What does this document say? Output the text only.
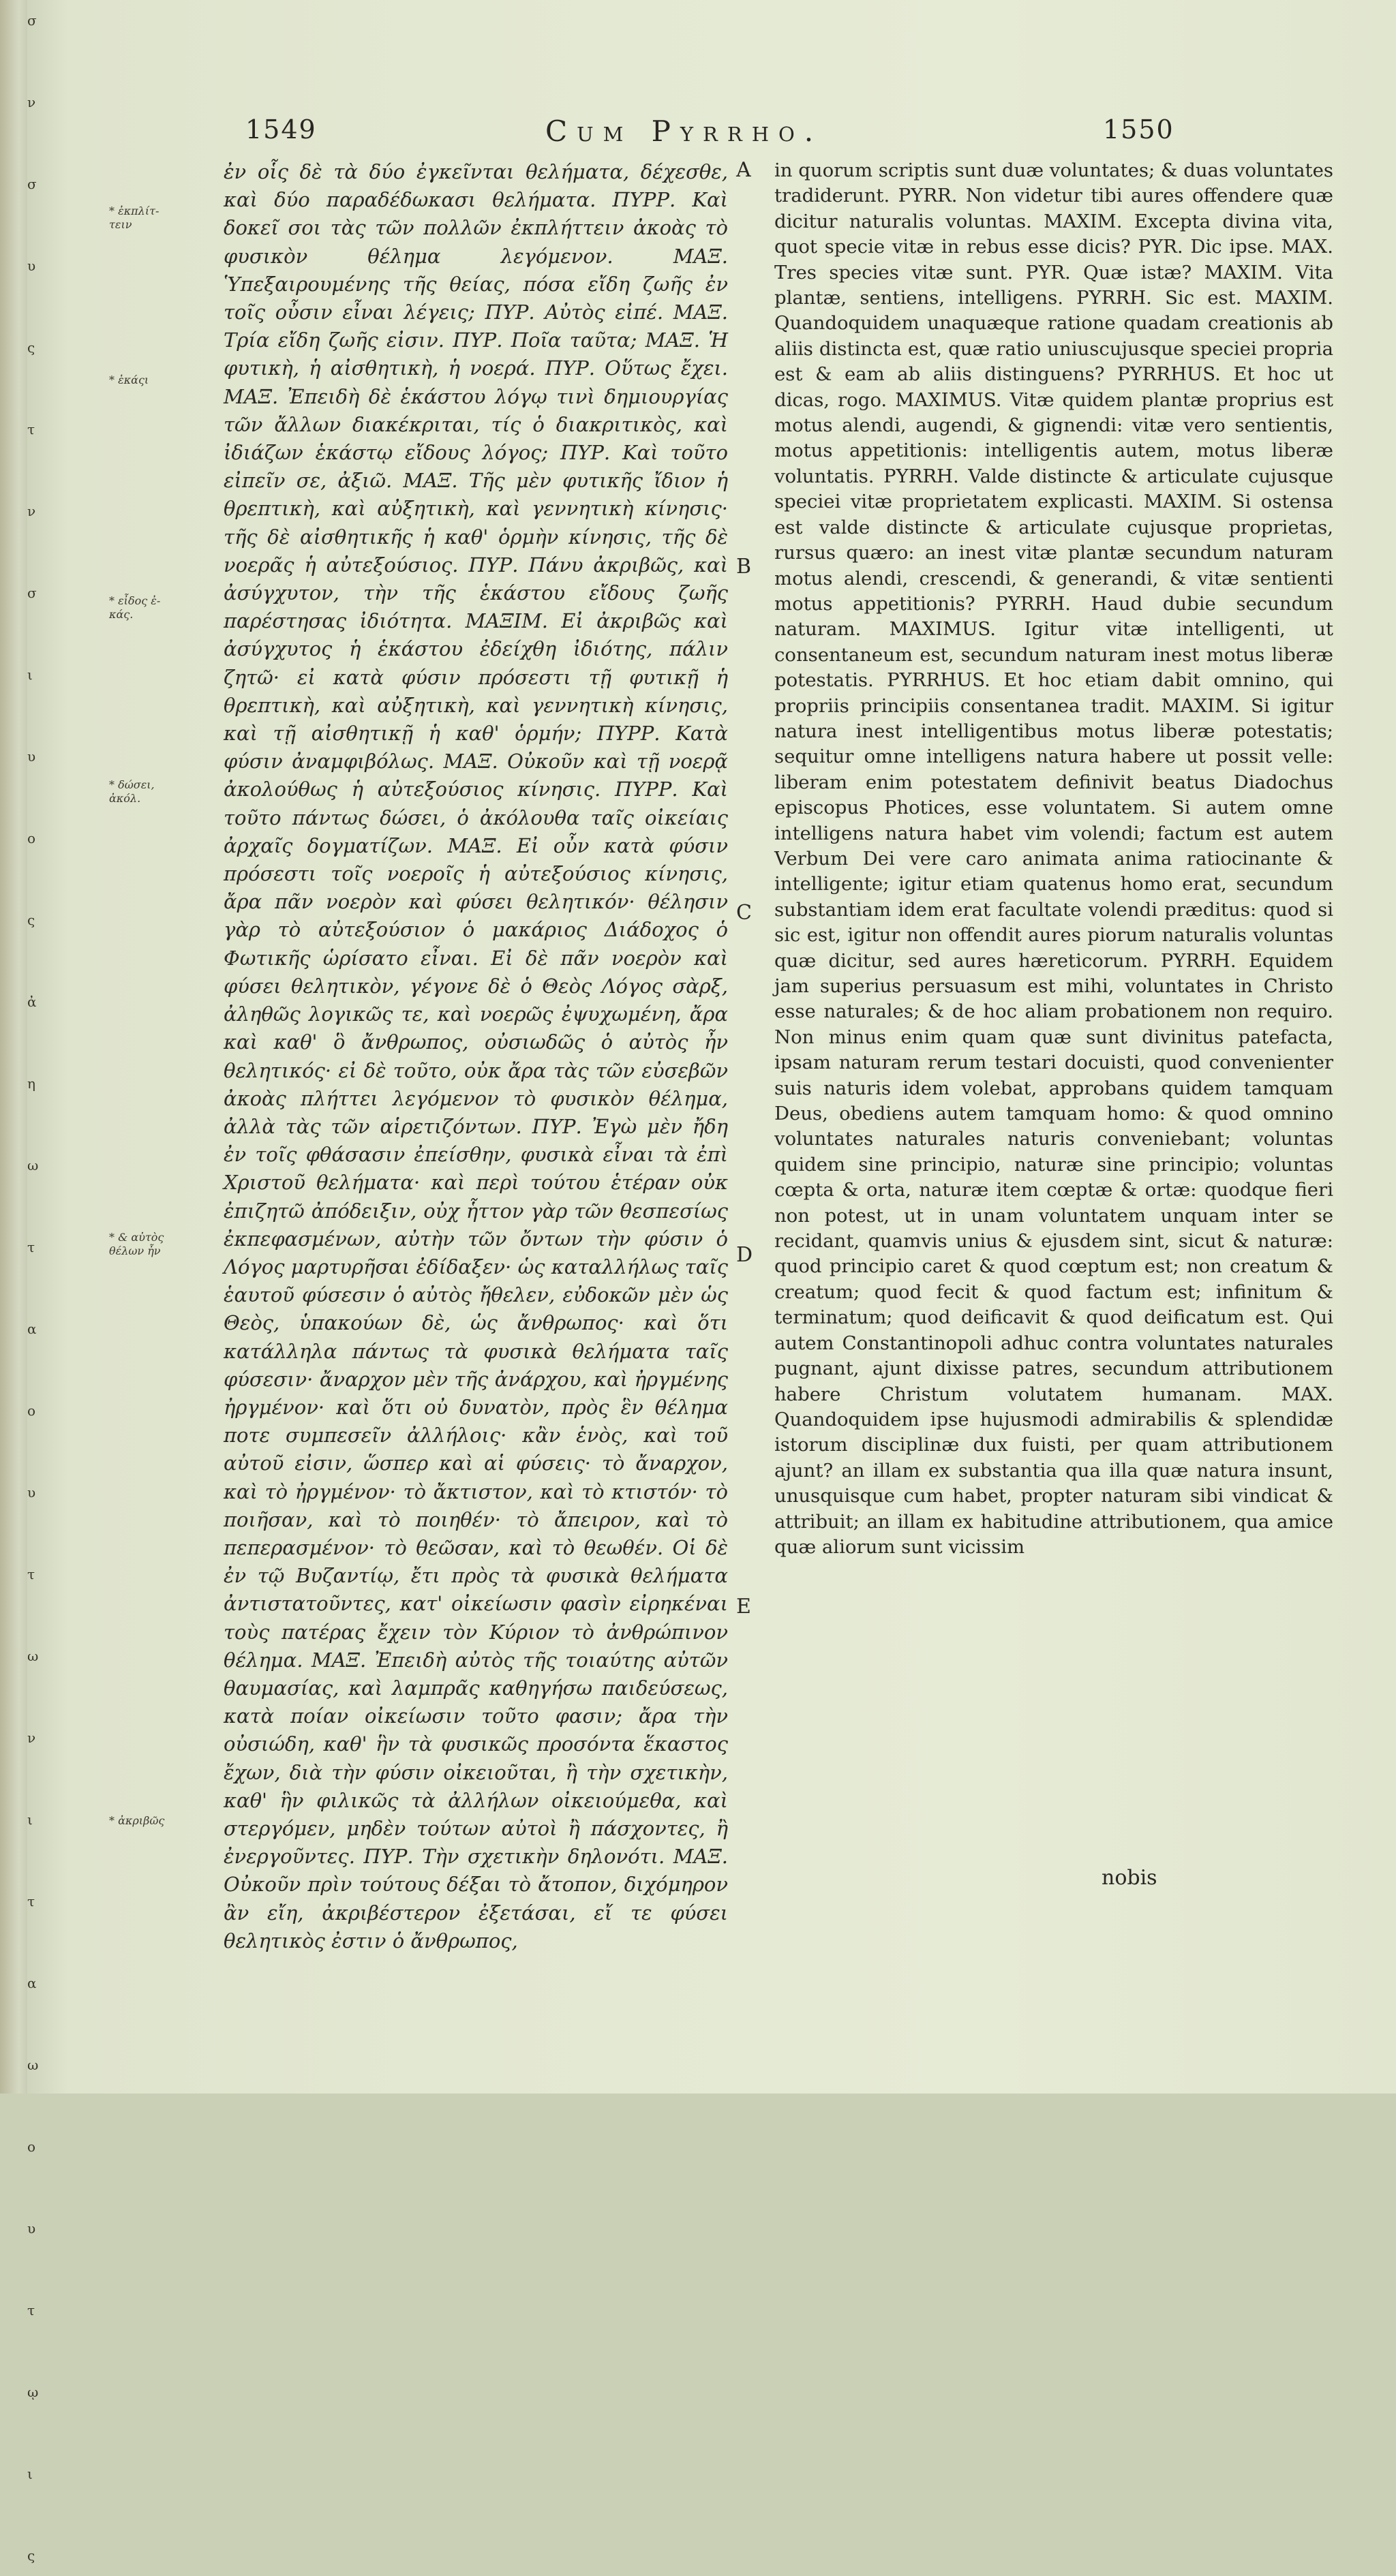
σ

ν

σ

υ

ς

τ

ν

σ

ι

υ

ο

ς

ἀ

η

ω

τ

α

ο

υ

τ

ω

ν

ι

τ

α

ω

ο

υ

τ

ῳ

ι

ς
1549	Cum Pyrrho.	1550
* ἐκπλίτ-
τειν
* ἑκάςι
* εἶδος ἐ-
κάς.
* δώσει,
ἀκόλ.
* & αὐτὸς
θέλων ἦν
* ἀκριβῶς

ἐν οἷς δὲ τὰ δύο ἐγκεῖνται θελήματα, δέχεσθε, καὶ δύο παραδέδωκασι θελήματα. ΠΥΡΡ. Καὶ δοκεῖ σοι τὰς τῶν πολλῶν ἐκπλήττειν ἀκοὰς τὸ φυσικὸν θέλημα λεγόμενον. ΜΑΞ. Ὑπεξαιρουμένης τῆς θείας, πόσα εἴδη ζωῆς ἐν τοῖς οὖσιν εἶναι λέγεις; ΠΥΡ. Αὐτὸς εἰπέ. ΜΑΞ. Τρία εἴδη ζωῆς εἰσιν. ΠΥΡ. Ποῖα ταῦτα; ΜΑΞ. Ἡ φυτικὴ, ἡ αἰσθητικὴ, ἡ νοερά. ΠΥΡ. Οὕτως ἔχει. ΜΑΞ. Ἐπειδὴ δὲ ἑκάστου λόγῳ τινὶ δημιουργίας τῶν ἄλλων διακέκριται, τίς ὁ διακριτικὸς, καὶ ἰδιάζων ἑκάστῳ εἴδους λόγος; ΠΥΡ. Καὶ τοῦτο εἰπεῖν σε, ἀξιῶ. ΜΑΞ. Τῆς μὲν φυτικῆς ἴδιον ἡ θρεπτικὴ, καὶ αὐξητικὴ, καὶ γεννητικὴ κίνησις· τῆς δὲ αἰσθητικῆς ἡ καθ' ὁρμὴν κίνησις, τῆς δὲ νοερᾶς ἡ αὐτεξούσιος. ΠΥΡ. Πάνυ ἀκριβῶς, καὶ ἀσύγχυτον, τὴν τῆς ἑκάστου εἴδους ζωῆς παρέστησας ἰδιότητα. ΜΑΞΙΜ. Εἰ ἀκριβῶς καὶ ἀσύγχυτος ἡ ἑκάστου ἐδείχθη ἰδιότης, πάλιν ζητῶ· εἰ κατὰ φύσιν πρόσεστι τῇ φυτικῇ ἡ θρεπτικὴ, καὶ αὐξητικὴ, καὶ γεννητικὴ κίνησις, καὶ τῇ αἰσθητικῇ ἡ καθ' ὁρμήν; ΠΥΡΡ. Κατὰ φύσιν ἀναμφιβόλως. ΜΑΞ. Οὐκοῦν καὶ τῇ νοερᾷ ἀκολούθως ἡ αὐτεξούσιος κίνησις. ΠΥΡΡ. Καὶ τοῦτο πάντως δώσει, ὁ ἀκόλουθα ταῖς οἰκείαις ἀρχαῖς δογματίζων. ΜΑΞ. Εἰ οὖν κατὰ φύσιν πρόσεστι τοῖς νοεροῖς ἡ αὐτεξούσιος κίνησις, ἄρα πᾶν νοερὸν καὶ φύσει θελητικόν· θέλησιν γὰρ τὸ αὐτεξούσιον ὁ μακάριος Διάδοχος ὁ Φωτικῆς ὡρίσατο εἶναι. Εἰ δὲ πᾶν νοερὸν καὶ φύσει θελητικὸν, γέγονε δὲ ὁ Θεὸς Λόγος σὰρξ, ἀληθῶς λογικῶς τε, καὶ νοερῶς ἐψυχωμένη, ἄρα καὶ καθ' ὃ ἄνθρωπος, οὐσιωδῶς ὁ αὐτὸς ἦν θελητικός· εἰ δὲ τοῦτο, οὐκ ἄρα τὰς τῶν εὐσεβῶν ἀκοὰς πλήττει λεγόμενον τὸ φυσικὸν θέλημα, ἀλλὰ τὰς τῶν αἱρετιζόντων. ΠΥΡ. Ἐγὼ μὲν ἤδη ἐν τοῖς φθάσασιν ἐπείσθην, φυσικὰ εἶναι τὰ ἐπὶ Χριστοῦ θελήματα· καὶ περὶ τούτου ἑτέραν οὐκ ἐπιζητῶ ἀπόδειξιν, οὐχ ἧττον γὰρ τῶν θεσπεσίως ἐκπεφασμένων, αὐτὴν τῶν ὄντων τὴν φύσιν ὁ Λόγος μαρτυρῆσαι ἐδίδαξεν· ὡς καταλλήλως ταῖς ἑαυτοῦ φύσεσιν ὁ αὐτὸς ἤθελεν, εὐδοκῶν μὲν ὡς Θεὸς, ὑπακούων δὲ, ὡς ἄνθρωπος· καὶ ὅτι κατάλληλα πάντως τὰ φυσικὰ θελήματα ταῖς φύσεσιν· ἄναρχον μὲν τῆς ἀνάρχου, καὶ ἠργμένης ἠργμένον· καὶ ὅτι οὐ δυνατὸν, πρὸς ἓν θέλημα ποτε συμπεσεῖν ἀλλήλοις· κἂν ἑνὸς, καὶ τοῦ αὐτοῦ εἰσιν, ὥσπερ καὶ αἱ φύσεις· τὸ ἄναρχον, καὶ τὸ ἠργμένον· τὸ ἄκτιστον, καὶ τὸ κτιστόν· τὸ ποιῆσαν, καὶ τὸ ποιηθέν· τὸ ἄπειρον, καὶ τὸ πεπερασμένον· τὸ θεῶσαν, καὶ τὸ θεωθέν. Οἱ δὲ ἐν τῷ Βυζαντίῳ, ἔτι πρὸς τὰ φυσικὰ θελήματα ἀντιστατοῦντες, κατ' οἰκείωσιν φασὶν εἰρηκέναι τοὺς πατέρας ἔχειν τὸν Κύριον τὸ ἀνθρώπινον θέλημα. ΜΑΞ. Ἐπειδὴ αὐτὸς τῆς τοιαύτης αὐτῶν θαυμασίας, καὶ λαμπρᾶς καθηγήσω παιδεύσεως, κατὰ ποίαν οἰκείωσιν τοῦτο φασιν; ἄρα τὴν οὐσιώδη, καθ' ἣν τὰ φυσικῶς προσόντα ἕκαστος ἔχων, διὰ τὴν φύσιν οἰκειοῦται, ἢ τὴν σχετικὴν, καθ' ἣν φιλικῶς τὰ ἀλλήλων οἰκειούμεθα, καὶ στεργόμεν, μηδὲν τούτων αὐτοὶ ἢ πάσχοντες, ἢ ἐνεργοῦντες. ΠΥΡ. Τὴν σχετικὴν δηλονότι. ΜΑΞ. Οὐκοῦν πρὶν τούτους δέξαι τὸ ἄτοπον, διχόμηρον ἂν εἴη, ἀκριβέστερον ἐξετάσαι, εἴ τε φύσει θελητικὸς ἐστιν ὁ ἄνθρωπος,

A
B
C
D
E

in quorum scriptis sunt duæ voluntates; & duas voluntates tradiderunt. PYRR. Non videtur tibi aures offendere quæ dicitur naturalis voluntas. MAXIM. Excepta divina vita, quot specie vitæ in rebus esse dicis? PYR. Dic ipse. MAX. Tres species vitæ sunt. PYR. Quæ istæ? MAXIM. Vita plantæ, sentiens, intelligens. PYRRH. Sic est. MAXIM. Quandoquidem unaquæque ratione quadam creationis ab aliis distincta est, quæ ratio uniuscujusque speciei propria est & eam ab aliis distinguens? PYRRHUS. Et hoc ut dicas, rogo. MAXIMUS. Vitæ quidem plantæ proprius est motus alendi, augendi, & gignendi: vitæ vero sentientis, motus appetitionis: intelligentis autem, motus liberæ voluntatis. PYRRH. Valde distincte & articulate cujusque speciei vitæ proprietatem explicasti. MAXIM. Si ostensa est valde distincte & articulate cujusque proprietas, rursus quæro: an inest vitæ plantæ secundum naturam motus alendi, crescendi, & generandi, & vitæ sentienti motus appetitionis? PYRRH. Haud dubie secundum naturam. MAXIMUS. Igitur vitæ intelligenti, ut consentaneum est, secundum naturam inest motus liberæ potestatis. PYRRHUS. Et hoc etiam dabit omnino, qui propriis principiis consentanea tradit. MAXIM. Si igitur natura inest intelligentibus motus liberæ potestatis; sequitur omne intelligens natura habere ut possit velle: liberam enim potestatem definivit beatus Diadochus episcopus Photices, esse voluntatem. Si autem omne intelligens natura habet vim volendi; factum est autem Verbum Dei vere caro animata anima ratiocinante & intelligente; igitur etiam quatenus homo erat, secundum substantiam idem erat facultate volendi præditus: quod si sic est, igitur non offendit aures piorum naturalis voluntas quæ dicitur, sed aures hæreticorum. PYRRH. Equidem jam superius persuasum est mihi, voluntates in Christo esse naturales; & de hoc aliam probationem non requiro. Non minus enim quam quæ sunt divinitus patefacta, ipsam naturam rerum testari docuisti, quod convenienter suis naturis idem volebat, approbans quidem tamquam Deus, obediens autem tamquam homo: & quod omnino voluntates naturales naturis conveniebant; voluntas quidem sine principio, naturæ sine principio; voluntas cœpta & orta, naturæ item cœptæ & ortæ: quodque fieri non potest, ut in unam voluntatem unquam inter se recidant, quamvis unius & ejusdem sint, sicut & naturæ: quod principio caret & quod cœptum est; non creatum & creatum; quod fecit & quod factum est; infinitum & terminatum; quod deificavit & quod deificatum est. Qui autem Constantinopoli adhuc contra voluntates naturales pugnant, ajunt dixisse patres, secundum attributionem habere Christum volutatem humanam. MAX. Quandoquidem ipse hujusmodi admirabilis & splendidæ istorum disciplinæ dux fuisti, per quam attributionem ajunt? an illam ex substantia qua illa quæ natura insunt, unusquisque cum habet, propter naturam sibi vindicat & attribuit; an illam ex habitudine attributionem, qua amice quæ aliorum sunt vicissim

nobis
